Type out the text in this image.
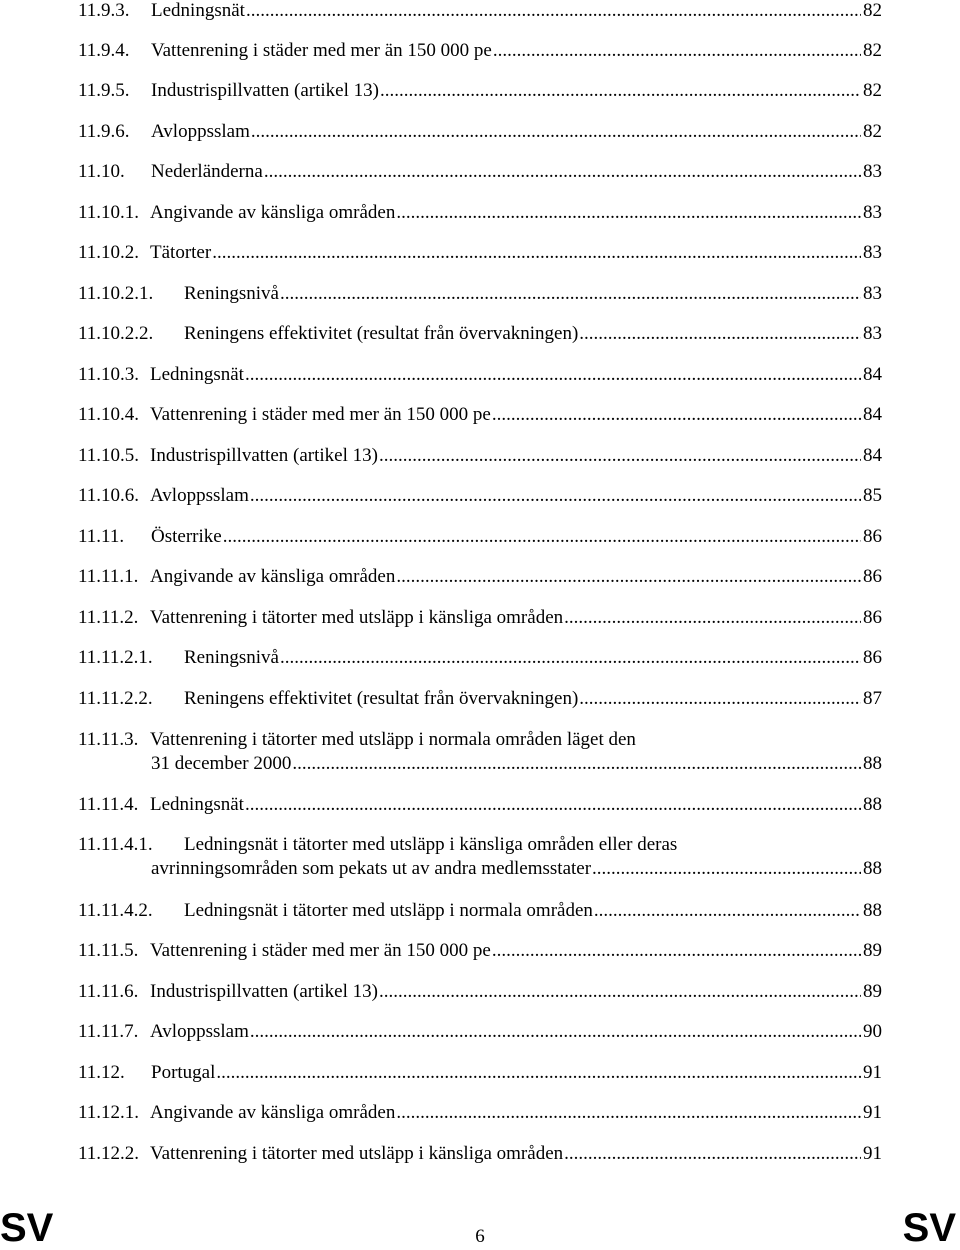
11.9.3.	Ledningsnät .....	82
11.9.4.	Vattenrening i städer med mer än 150 000 pe .....	82
11.9.5.	Industrispillvatten (artikel 13) .....	82
11.9.6.	Avloppsslam .....	82
11.10.	Nederländerna .....	83
11.10.1. Angivande av känsliga områden .....	83
11.10.2. Tätorter .....	83
11.10.2.1.	Reningsnivå .....	83
11.10.2.2.	Reningens effektivitet (resultat från övervakningen) .....	83
11.10.3. Ledningsnät .....	84
11.10.4. Vattenrening i städer med mer än 150 000 pe .....	84
11.10.5. Industrispillvatten (artikel 13) .....	84
11.10.6. Avloppsslam .....	85
11.11.	Österrike .....	86
11.11.1. Angivande av känsliga områden .....	86
11.11.2. Vattenrening i tätorter med utsläpp i känsliga områden .....	86
11.11.2.1.	Reningsnivå .....	86
11.11.2.2.	Reningens effektivitet (resultat från övervakningen) .....	87
11.11.3. Vattenrening i tätorter med utsläpp i normala områden läget den
31 december 2000 .....	88
11.11.4. Ledningsnät .....	88
11.11.4.1.	Ledningsnät i tätorter med utsläpp i känsliga områden eller deras
avrinningsområden som pekats ut av andra medlemsstater .....	88
11.11.4.2.	Ledningsnät i tätorter med utsläpp i normala områden .....	88
11.11.5. Vattenrening i städer med mer än 150 000 pe .....	89
11.11.6. Industrispillvatten (artikel 13) .....	89
11.11.7. Avloppsslam .....	90
11.12.	Portugal .....	91
11.12.1. Angivande av känsliga områden .....	91
11.12.2. Vattenrening i tätorter med utsläpp i känsliga områden .....	91
SV	6	SV
